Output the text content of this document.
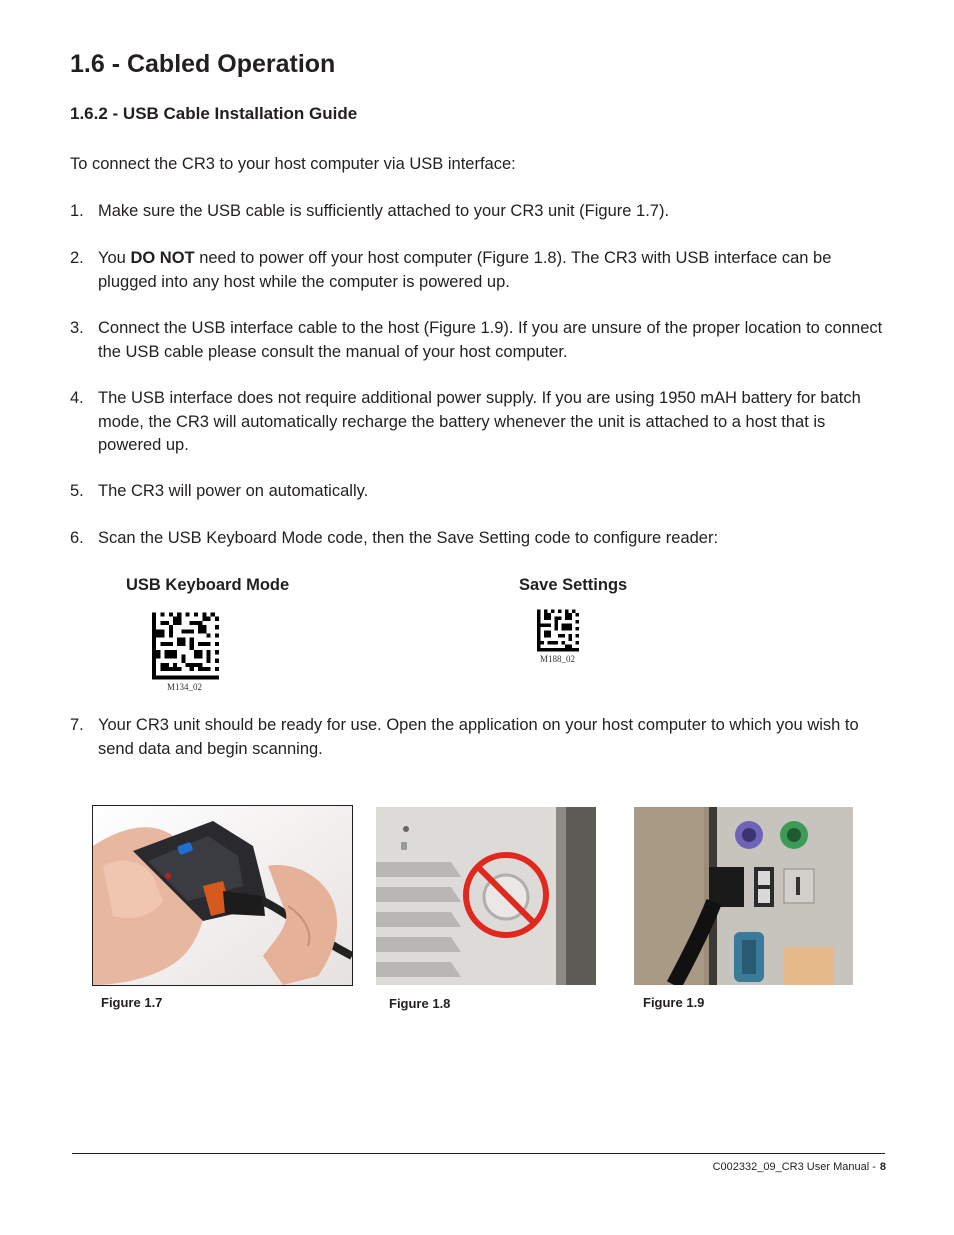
1.6 - Cabled Operation
1.6.2 - USB Cable Installation Guide

To connect the CR3 to your host computer via USB interface:

1. Make sure the USB cable is sufficiently attached to your CR3 unit (Figure 1.7).
2. You DO NOT need to power off your host computer (Figure 1.8). The CR3 with USB interface can be plugged into any host while the computer is powered up.
3. Connect the USB interface cable to the host (Figure 1.9). If you are unsure of the proper location to connect the USB cable please consult the manual of your host computer.
4. The USB interface does not require additional power supply. If you are using 1950 mAH battery for batch mode, the CR3 will automatically recharge the battery whenever the unit is attached to a host that is powered up.
5. The CR3 will power on automatically.
6. Scan the USB Keyboard Mode code, then the Save Setting code to configure reader:
USB Keyboard Mode
M134_02
Save Settings
M188_02
7. Your CR3 unit should be ready for use. Open the application on your host computer to which you wish to send data and begin scanning.
Figure 1.7	Figure 1.8	Figure 1.9
C002332_09_CR3 User Manual - 8
